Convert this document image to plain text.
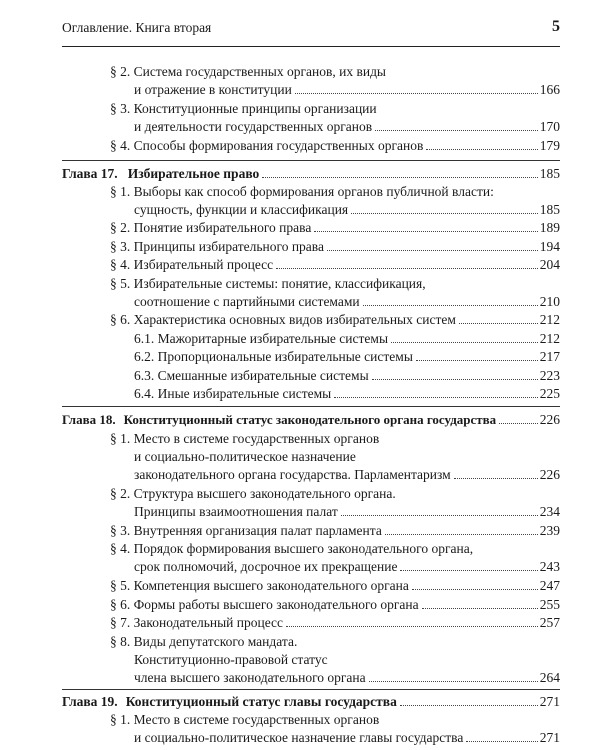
Оглавление. Книга вторая	5
§ 2. Система государственных органов, их виды
и отражение в конституции	166
§ 3. Конституционные принципы организации
и деятельности государственных органов	170
§ 4. Способы формирования государственных органов	179
Глава 17. Избирательное право	185
§ 1. Выборы как способ формирования органов публичной власти:
сущность, функции и классификация	185
§ 2. Понятие избирательного права	189
§ 3. Принципы избирательного права	194
§ 4. Избирательный процесс	204
§ 5. Избирательные системы: понятие, классификация,
соотношение с партийными системами	210
§ 6. Характеристика основных видов избирательных систем	212
6.1. Мажоритарные избирательные системы	212
6.2. Пропорциональные избирательные системы	217
6.3. Смешанные избирательные системы	223
6.4. Иные избирательные системы	225
Глава 18. Конституционный статус законодательного органа государства	226
§ 1. Место в системе государственных органов
и социально-политическое назначение
законодательного органа государства. Парламентаризм	226
§ 2. Структура высшего законодательного органа.
Принципы взаимоотношения палат	234
§ 3. Внутренняя организация палат парламента	239
§ 4. Порядок формирования высшего законодательного органа,
срок полномочий, досрочное их прекращение	243
§ 5. Компетенция высшего законодательного органа	247
§ 6. Формы работы высшего законодательного органа	255
§ 7. Законодательный процесс	257
§ 8. Виды депутатского мандата.
Конституционно-правовой статус
члена высшего законодательного органа	264
Глава 19. Конституционный статус главы государства	271
§ 1. Место в системе государственных органов
и социально-политическое назначение главы государства	271
